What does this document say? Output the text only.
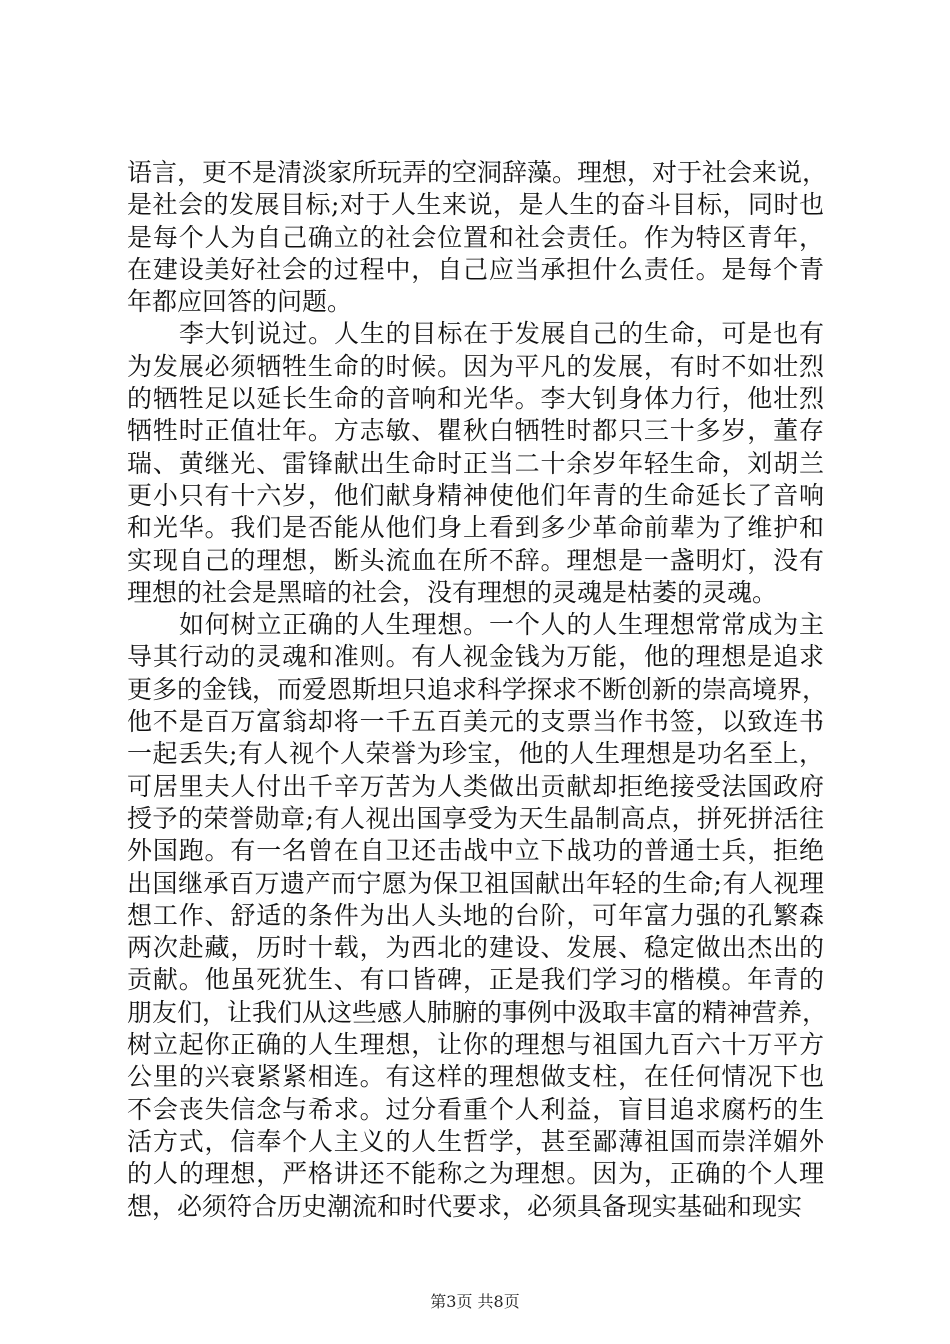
语言，更不是清淡家所玩弄的空洞辞藻。理想，对于社会来说，
是社会的发展目标;对于人生来说，是人生的奋斗目标，同时也
是每个人为自己确立的社会位置和社会责任。作为特区青年，
在建设美好社会的过程中，自己应当承担什么责任。是每个青
年都应回答的问题。
李大钊说过。人生的目标在于发展自己的生命，可是也有
为发展必须牺牲生命的时候。因为平凡的发展，有时不如壮烈
的牺牲足以延长生命的音响和光华。李大钊身体力行，他壮烈
牺牲时正值壮年。方志敏、瞿秋白牺牲时都只三十多岁，董存
瑞、黄继光、雷锋献出生命时正当二十余岁年轻生命，刘胡兰
更小只有十六岁，他们献身精神使他们年青的生命延长了音响
和光华。我们是否能从他们身上看到多少革命前辈为了维护和
实现自己的理想，断头流血在所不辞。理想是一盏明灯，没有
理想的社会是黑暗的社会，没有理想的灵魂是枯萎的灵魂。
如何树立正确的人生理想。一个人的人生理想常常成为主
导其行动的灵魂和准则。有人视金钱为万能，他的理想是追求
更多的金钱，而爱恩斯坦只追求科学探求不断创新的崇高境界，
他不是百万富翁却将一千五百美元的支票当作书签，以致连书
一起丢失;有人视个人荣誉为珍宝，他的人生理想是功名至上，
可居里夫人付出千辛万苦为人类做出贡献却拒绝接受法国政府
授予的荣誉勋章;有人视出国享受为天生晶制高点，拼死拼活往
外国跑。有一名曾在自卫还击战中立下战功的普通士兵，拒绝
出国继承百万遗产而宁愿为保卫祖国献出年轻的生命;有人视理
想工作、舒适的条件为出人头地的台阶，可年富力强的孔繁森
两次赴藏，历时十载，为西北的建设、发展、稳定做出杰出的
贡献。他虽死犹生、有口皆碑，正是我们学习的楷模。年青的
朋友们，让我们从这些感人肺腑的事例中汲取丰富的精神营养，
树立起你正确的人生理想，让你的理想与祖国九百六十万平方
公里的兴衰紧紧相连。有这样的理想做支柱，在任何情况下也
不会丧失信念与希求。过分看重个人利益，盲目追求腐朽的生
活方式，信奉个人主义的人生哲学，甚至鄙薄祖国而崇洋媚外
的人的理想，严格讲还不能称之为理想。因为，正确的个人理
想，必须符合历史潮流和时代要求，必须具备现实基础和现实
第3页 共8页
